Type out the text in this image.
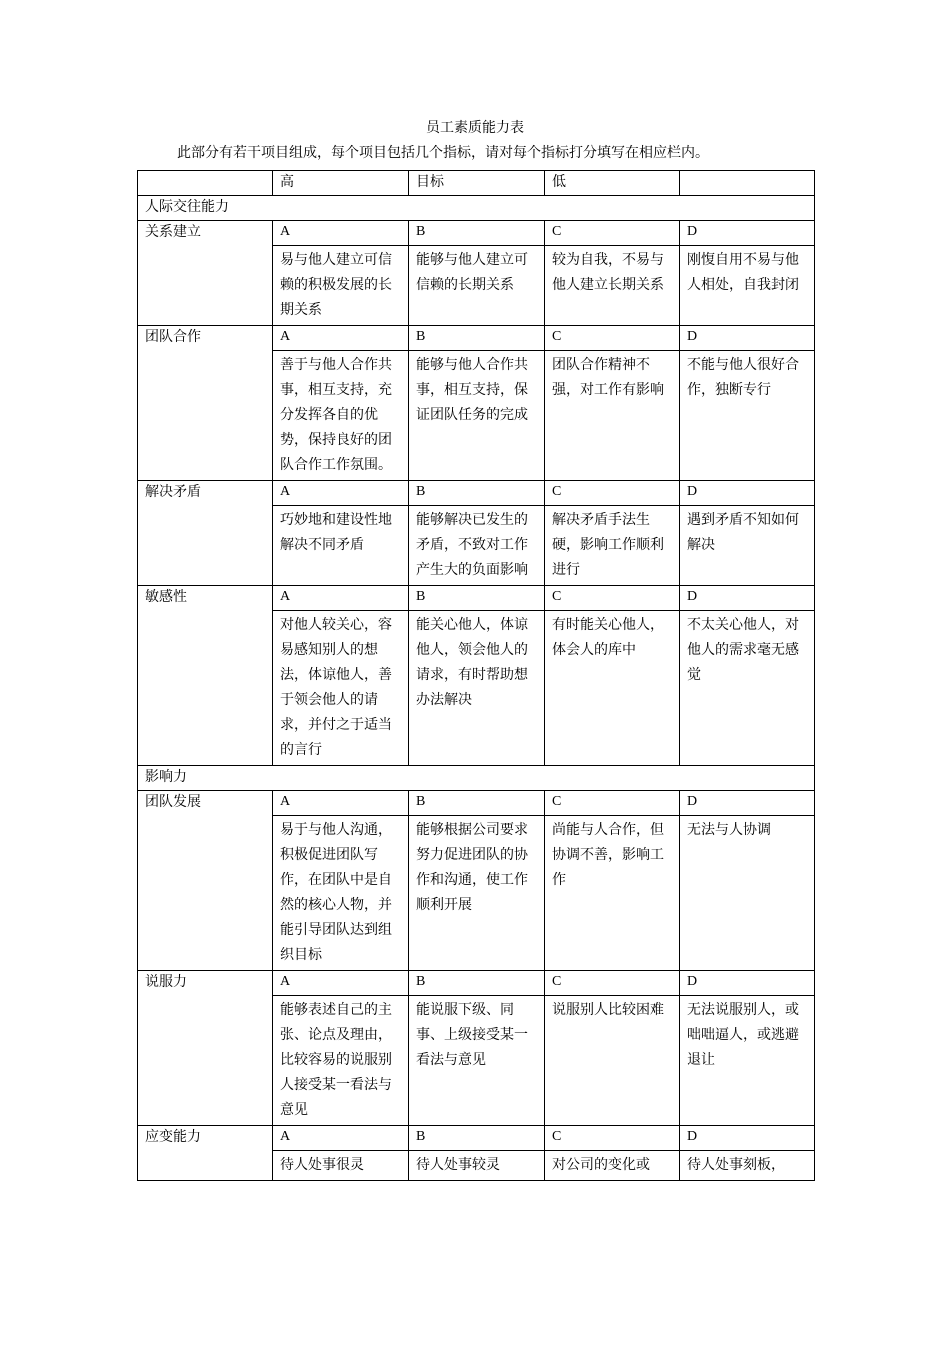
员工素质能力表
此部分有若干项目组成，每个项目包括几个指标，请对每个指标打分填写在相应栏内。
	高	目标	低	
人际交往能力				
关系建立	A	B	C	D
	易与他人建立可信赖的积极发展的长期关系	能够与他人建立可信赖的长期关系	较为自我，不易与他人建立长期关系	刚愎自用不易与他人相处，自我封闭
团队合作	A	B	C	D
	善于与他人合作共事，相互支持，充分发挥各自的优势，保持良好的团队合作工作氛围。	能够与他人合作共事，相互支持，保证团队任务的完成	团队合作精神不强，对工作有影响	不能与他人很好合作，独断专行
解决矛盾	A	B	C	D
	巧妙地和建设性地解决不同矛盾	能够解决已发生的矛盾，不致对工作产生大的负面影响	解决矛盾手法生硬，影响工作顺利进行	遇到矛盾不知如何解决
敏感性	A	B	C	D
	对他人较关心，容易感知别人的想法，体谅他人，善于领会他人的请求，并付之于适当的言行	能关心他人，体谅他人，领会他人的请求，有时帮助想办法解决	有时能关心他人，体会人的库中	不太关心他人，对他人的需求毫无感觉
影响力				
团队发展	A	B	C	D
	易于与他人沟通，积极促进团队写作，在团队中是自然的核心人物，并能引导团队达到组织目标	能够根据公司要求努力促进团队的协作和沟通，使工作顺利开展	尚能与人合作，但协调不善，影响工作	无法与人协调
说服力	A	B	C	D
	能够表述自己的主张、论点及理由，比较容易的说服别人接受某一看法与意见	能说服下级、同事、上级接受某一看法与意见	说服别人比较困难	无法说服别人，或咄咄逼人，或逃避退让
应变能力	A	B	C	D
	待人处事很灵	待人处事较灵	对公司的变化或	待人处事刻板，
